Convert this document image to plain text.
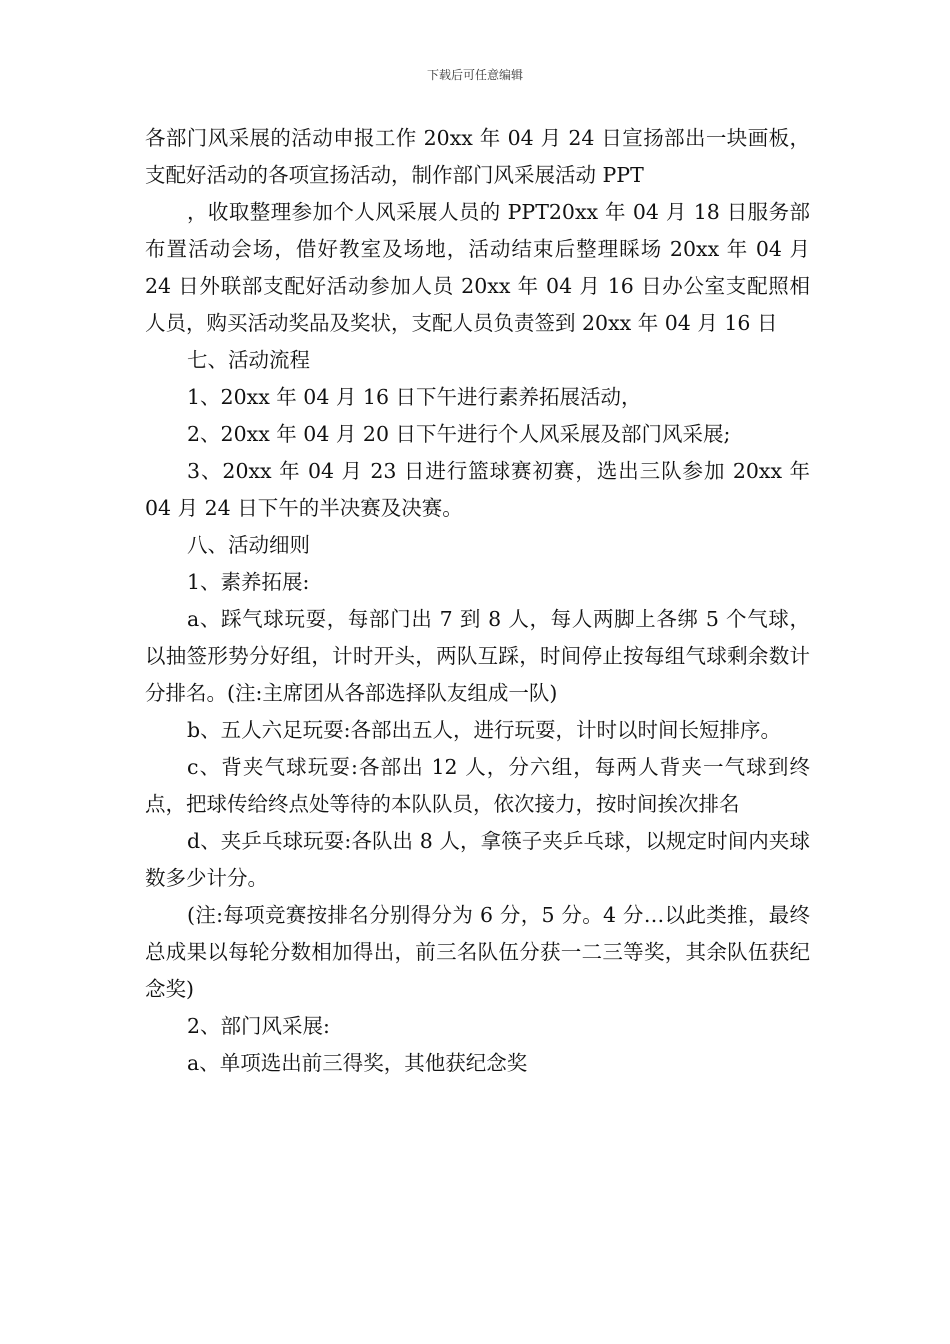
下载后可任意编辑

各部门风采展的活动申报工作 20xx 年 04 月 24 日宣扬部出一块画板，支配好活动的各项宣扬活动，制作部门风采展活动 PPT

，收取整理参加个人风采展人员的 PPT20xx 年 04 月 18 日服务部布置活动会场，借好教室及场地，活动结束后整理睬场 20xx 年 04 月 24 日外联部支配好活动参加人员 20xx 年 04 月 16 日办公室支配照相人员，购买活动奖品及奖状，支配人员负责签到 20xx 年 04 月 16 日

七、活动流程

1、20xx 年 04 月 16 日下午进行素养拓展活动，

2、20xx 年 04 月 20 日下午进行个人风采展及部门风采展;

3、20xx 年 04 月 23 日进行篮球赛初赛，选出三队参加 20xx 年 04 月 24 日下午的半决赛及决赛。

八、活动细则

1、素养拓展:

a、踩气球玩耍，每部门出 7 到 8 人，每人两脚上各绑 5 个气球，以抽签形势分好组，计时开头，两队互踩，时间停止按每组气球剩余数计分排名。(注:主席团从各部选择队友组成一队)

b、五人六足玩耍:各部出五人，进行玩耍，计时以时间长短排序。

c、背夹气球玩耍:各部出 12 人，分六组，每两人背夹一气球到终点，把球传给终点处等待的本队队员，依次接力，按时间挨次排名

d、夹乒乓球玩耍:各队出 8 人，拿筷子夹乒乓球，以规定时间内夹球数多少计分。

(注:每项竞赛按排名分别得分为 6 分，5 分。4 分…以此类推，最终总成果以每轮分数相加得出，前三名队伍分获一二三等奖，其余队伍获纪念奖)

2、部门风采展:

a、单项选出前三得奖，其他获纪念奖
